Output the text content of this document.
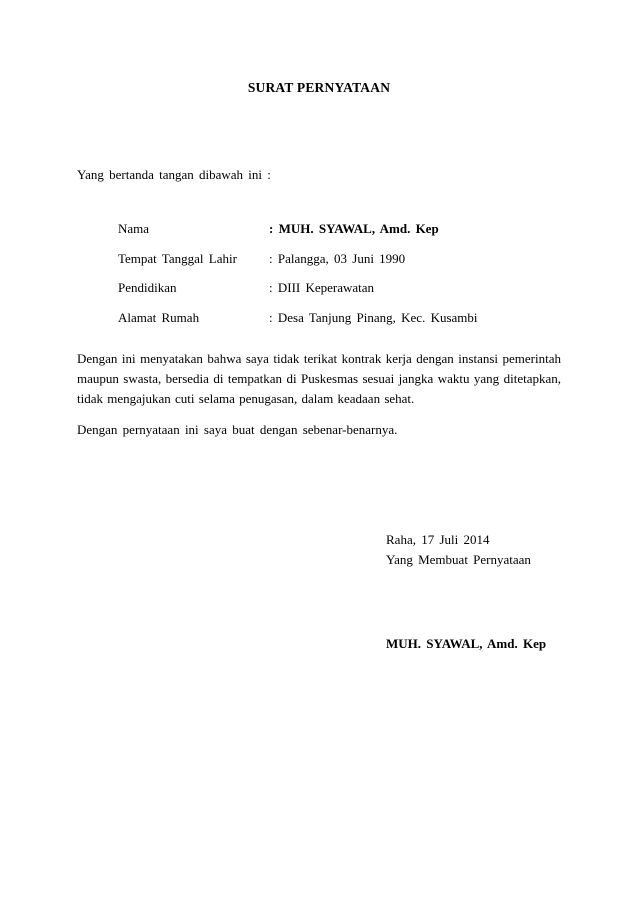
SURAT PERNYATAAN
Yang bertanda tangan dibawah ini :
Nama	: MUH. SYAWAL, Amd. Kep
Tempat Tanggal Lahir : Palangga, 03 Juni 1990
Pendidikan	: DIII Keperawatan
Alamat Rumah	: Desa Tanjung Pinang, Kec. Kusambi

Dengan ini menyatakan bahwa saya tidak terikat kontrak kerja dengan instansi pemerintah

maupun swasta, bersedia di tempatkan di Puskesmas sesuai jangka waktu yang ditetapkan,

tidak mengajukan cuti selama penugasan, dalam keadaan sehat.

Dengan pernyataan ini saya buat dengan sebenar-benarnya.
Raha, 17 Juli 2014
Yang Membuat Pernyataan
MUH. SYAWAL, Amd. Kep
